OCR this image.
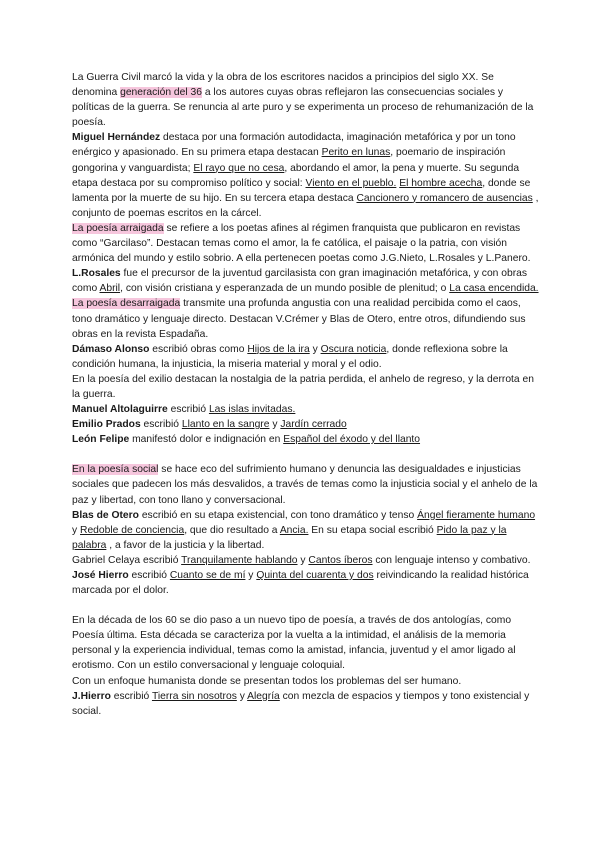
La Guerra Civil marcó la vida y la obra de los escritores nacidos a principios del siglo XX. Se denomina generación del 36 a los autores cuyas obras reflejaron las consecuencias sociales y políticas de la guerra. Se renuncia al arte puro y se experimenta un proceso de rehumanización de la poesía.

Miguel Hernández destaca por una formación autodidacta, imaginación metafórica y por un tono enérgico y apasionado. En su primera etapa destacan Perito en lunas, poemario de inspiración gongorina y vanguardista; El rayo que no cesa, abordando el amor, la pena y muerte. Su segunda etapa destaca por su compromiso político y social: Viento en el pueblo. El hombre acecha, donde se lamenta por la muerte de su hijo. En su tercera etapa destaca Cancionero y romancero de ausencias , conjunto de poemas escritos en la cárcel.

La poesía arraigada se refiere a los poetas afines al régimen franquista que publicaron en revistas como “Garcilaso”. Destacan temas como el amor, la fe católica, el paisaje o la patria, con visión armónica del mundo y estilo sobrio. A ella pertenecen poetas como J.G.Nieto, L.Rosales y L.Panero.

L.Rosales fue el precursor de la juventud garcilasista con gran imaginación metafórica, y con obras como Abril, con visión cristiana y esperanzada de un mundo posible de plenitud; o La casa encendida.

La poesía desarraigada transmite una profunda angustia con una realidad percibida como el caos, tono dramático y lenguaje directo. Destacan V.Crémer y Blas de Otero, entre otros, difundiendo sus obras en la revista Espadaña.

Dámaso Alonso escribió obras como Hijos de la ira y Oscura noticia, donde reflexiona sobre la condición humana, la injusticia, la miseria material y moral y el odio.

En la poesía del exilio destacan la nostalgia de la patria perdida, el anhelo de regreso, y la derrota en la guerra.

Manuel Altolaguirre escribió Las islas invitadas.

Emilio Prados escribió Llanto en la sangre y Jardín cerrado

León Felipe manifestó dolor e indignación en Español del éxodo y del llanto

En la poesía social se hace eco del sufrimiento humano y denuncia las desigualdades e injusticias sociales que padecen los más desvalidos, a través de temas como la injusticia social y el anhelo de la paz y libertad, con tono llano y conversacional.

Blas de Otero escribió en su etapa existencial, con tono dramático y tenso Ángel fieramente humano y Redoble de conciencia, que dio resultado a Ancia. En su etapa social escribió Pido la paz y la palabra , a favor de la justicia y la libertad.

Gabriel Celaya escribió Tranquilamente hablando y Cantos íberos con lenguaje intenso y combativo.

José Hierro escribió Cuanto se de mí y Quinta del cuarenta y dos reivindicando la realidad histórica marcada por el dolor.

En la década de los 60 se dio paso a un nuevo tipo de poesía, a través de dos antologías, como Poesía última. Esta década se caracteriza por la vuelta a la intimidad, el análisis de la memoria personal y la experiencia individual, temas como la amistad, infancia, juventud y el amor ligado al erotismo. Con un estilo conversacional y lenguaje coloquial.

Con un enfoque humanista donde se presentan todos los problemas del ser humano.

J.Hierro escribió Tierra sin nosotros y Alegría con mezcla de espacios y tiempos y tono existencial y social.
